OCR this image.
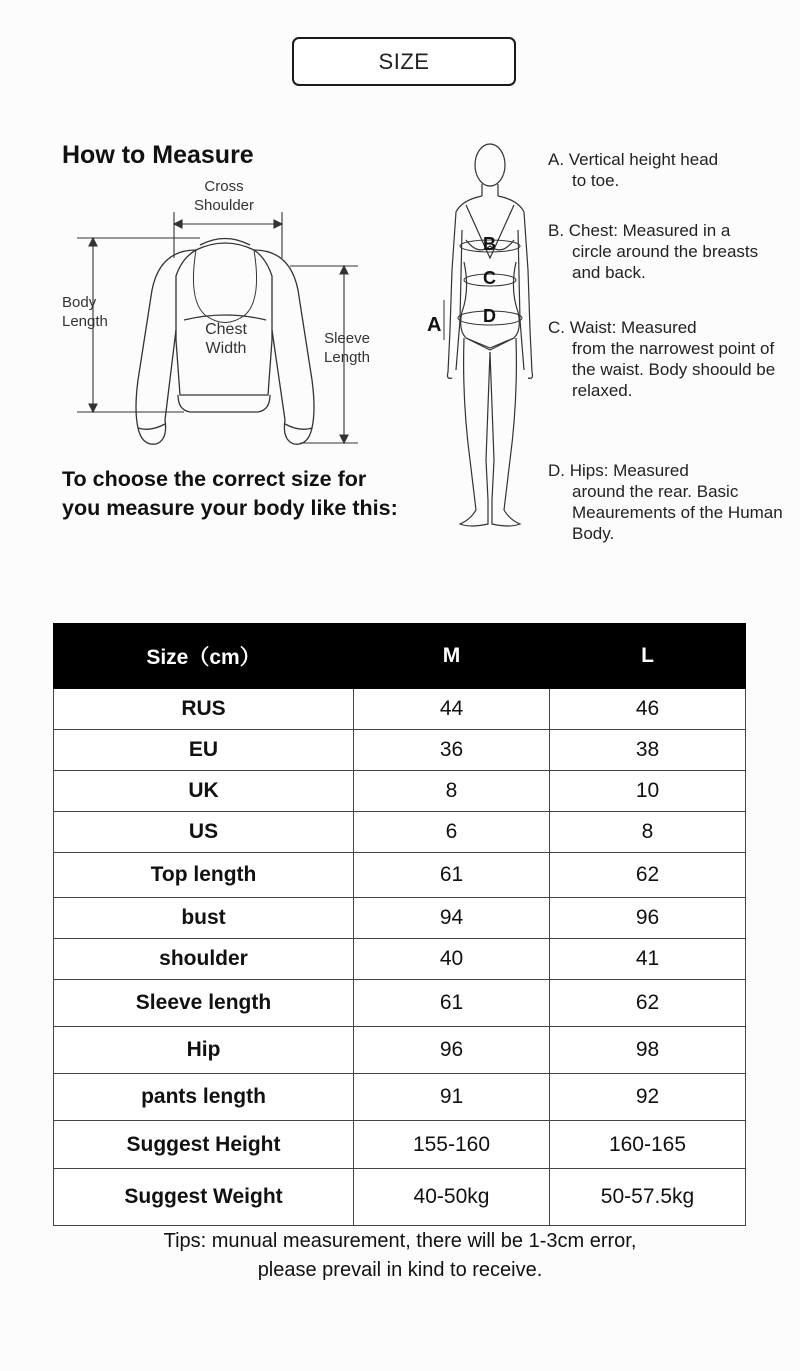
SIZE
How to Measure
Cross
Shoulder
Body
Length	Chest
Width
Sleeve
Length
A
B
C
D

To choose the correct size for
you measure your body like this:

A. Vertical height head
to toe.

B. Chest: Measured in a
circle around the breasts and back.

C. Waist: Measured
from the narrowest point of the waist. Body shoould be relaxed.

D. Hips: Measured
around the rear. Basic Meaurements of the Human Body.

Size（cm）	M	L
RUS	44	46
EU	36	38
UK	8	10
US	6	8
Top length	61	62
bust	94	96
shoulder	40	41
Sleeve length	61	62
Hip	96	98
pants length	91	92
Suggest Height	155-160	160-165
Suggest Weight	40-50kg	50-57.5kg

Tips: munual measurement, there will be 1-3cm error,
please prevail in kind to receive.
